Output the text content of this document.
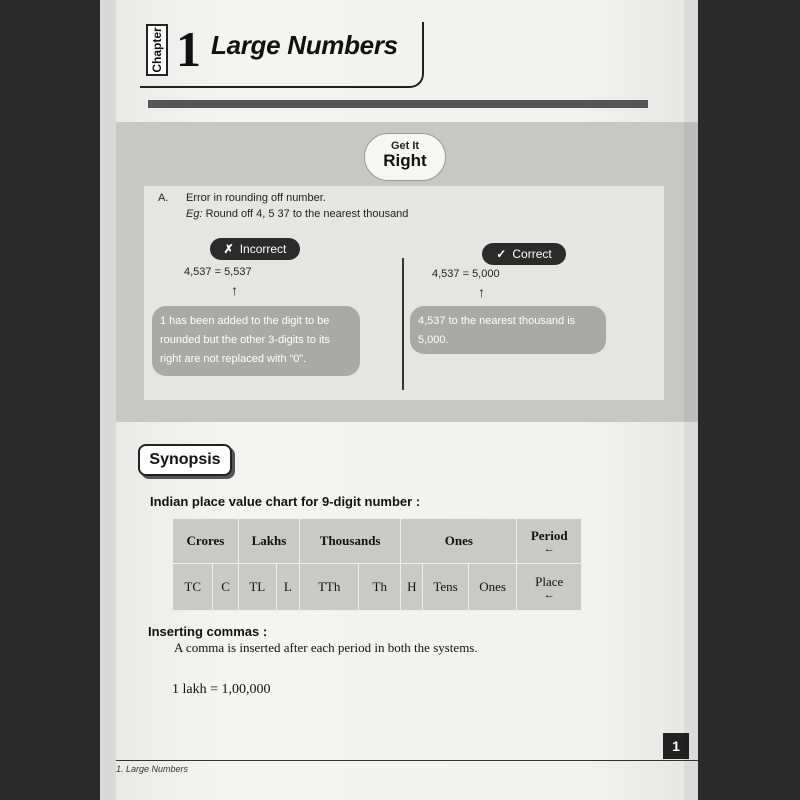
Chapter 1 Large Numbers
Get It
Right
A. Error in rounding off number.
Eg: Round off 4, 5 37 to the nearest thousand
✗ Incorrect	✓ Correct
4,537 = 5,537	4,537 = 5,000
↑	↑
1 has been added to the digit to be rounded but the other 3-digits to its right are not replaced with “0”.
4,537 to the nearest thousand is 5,000.
Synopsis
Indian place value chart for 9-digit number :
Crores		Lakhs		Thousands		Ones			Period
←

TC	C	TL	L	TTh	Th	H	Tens	Ones	Place
←
Inserting commas :
A comma is inserted after each period in both the systems.
1 lakh = 1,00,000
1
1. Large Numbers
